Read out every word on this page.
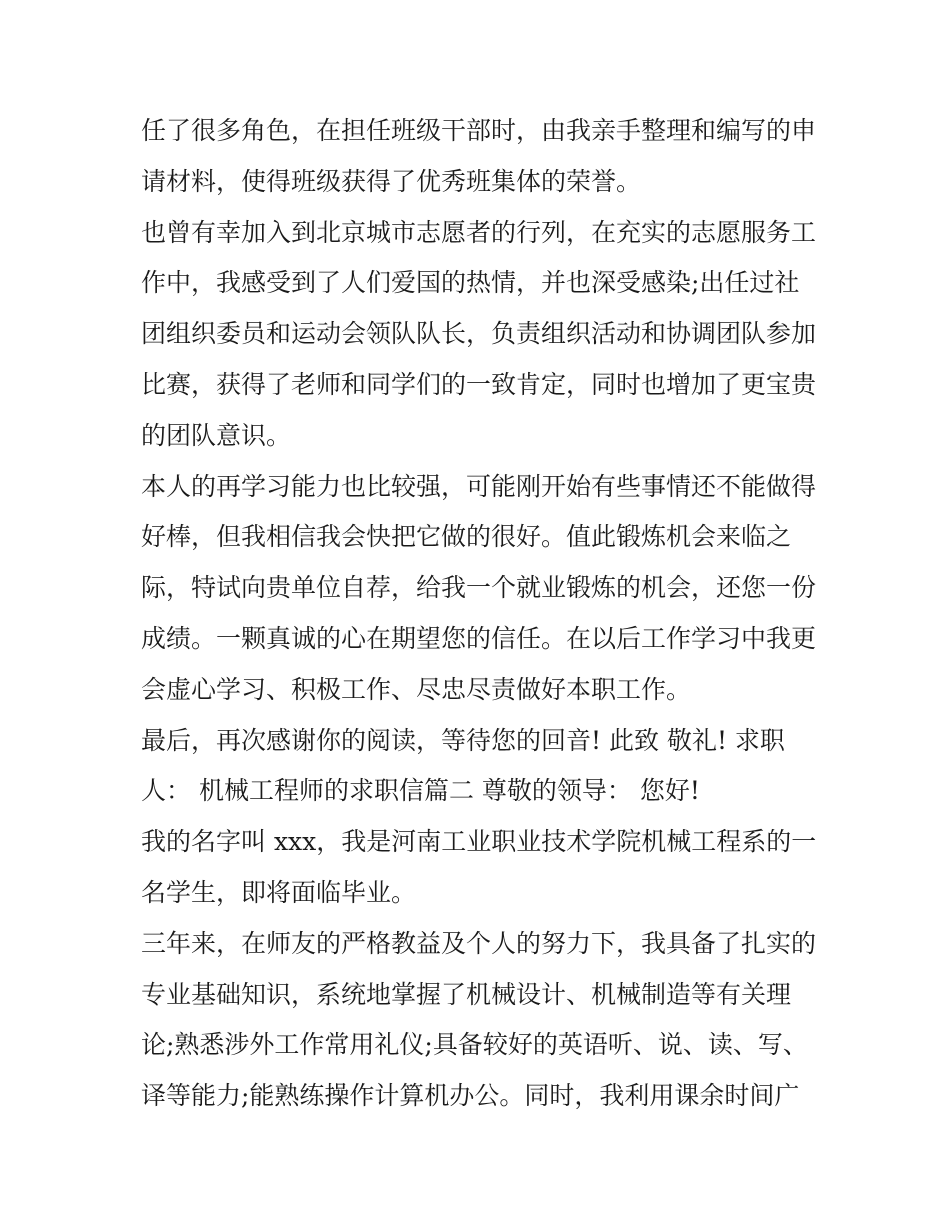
任了很多角色，在担任班级干部时，由我亲手整理和编写的申
请材料，使得班级获得了优秀班集体的荣誉。
也曾有幸加入到北京城市志愿者的行列，在充实的志愿服务工
作中，我感受到了人们爱国的热情，并也深受感染;出任过社
团组织委员和运动会领队队长，负责组织活动和协调团队参加
比赛，获得了老师和同学们的一致肯定，同时也增加了更宝贵
的团队意识。
本人的再学习能力也比较强，可能刚开始有些事情还不能做得
好棒，但我相信我会快把它做的很好。值此锻炼机会来临之
际，特试向贵单位自荐，给我一个就业锻炼的机会，还您一份
成绩。一颗真诚的心在期望您的信任。在以后工作学习中我更
会虚心学习、积极工作、尽忠尽责做好本职工作。
最后，再次感谢你的阅读，等待您的回音! 此致 敬礼! 求职
人： 机械工程师的求职信篇二 尊敬的领导： 您好!
我的名字叫 xxx，我是河南工业职业技术学院机械工程系的一
名学生，即将面临毕业。
三年来，在师友的严格教益及个人的努力下，我具备了扎实的
专业基础知识，系统地掌握了机械设计、机械制造等有关理
论;熟悉涉外工作常用礼仪;具备较好的英语听、说、读、写、
译等能力;能熟练操作计算机办公。同时，我利用课余时间广
